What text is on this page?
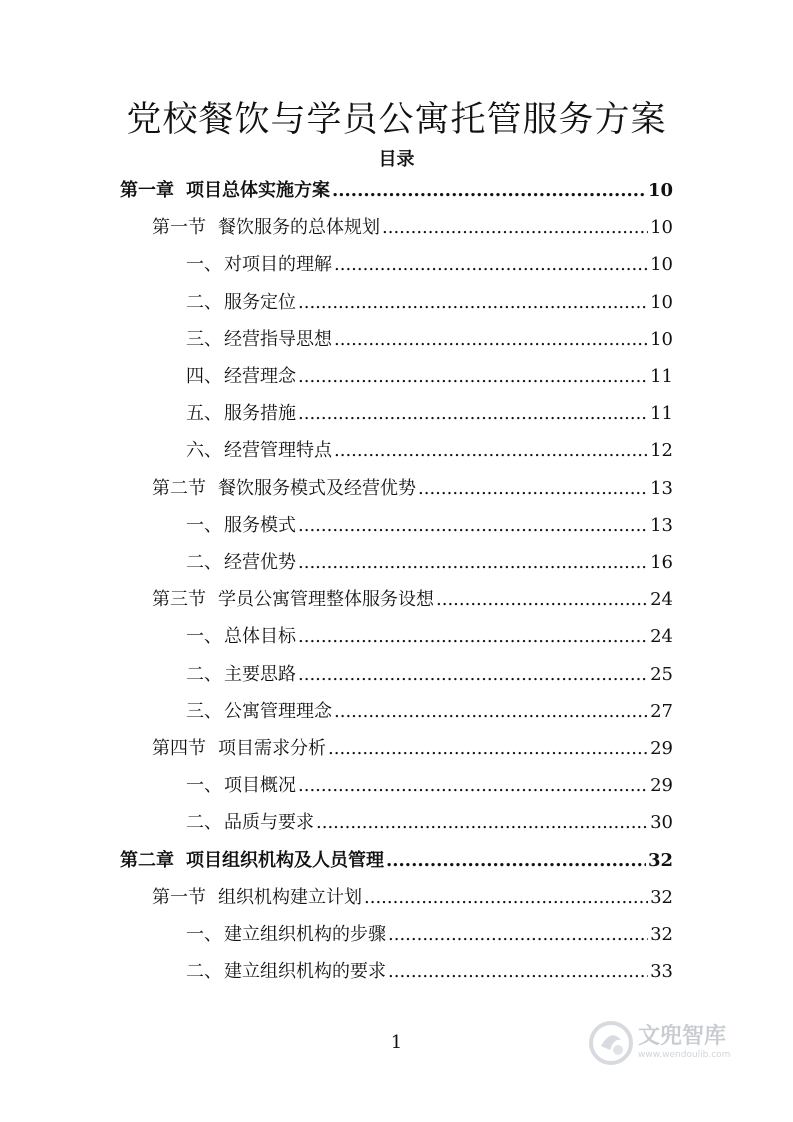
党校餐饮与学员公寓托管服务方案
目录
第一章 项目总体实施方案 .....	10
第一节 餐饮服务的总体规划 .....	10
一、 对项目的理解 .....	10
二、 服务定位 .....	10
三、 经营指导思想 .....	10
四、 经营理念 .....	11
五、 服务措施 .....	11
六、 经营管理特点 .....	12
第二节 餐饮服务模式及经营优势 .....	13
一、 服务模式 .....	13
二、 经营优势 .....	16
第三节 学员公寓管理整体服务设想 .....	24
一、 总体目标 .....	24
二、 主要思路 .....	25
三、 公寓管理理念 .....	27
第四节 项目需求分析 .....	29
一、 项目概况 .....	29
二、 品质与要求 .....	30
第二章 项目组织机构及人员管理 .....	32
第一节 组织机构建立计划 .....	32
一、 建立组织机构的步骤 .....	32
二、 建立组织机构的要求 .....	33
1	文兜智库
www.wendoulib.com
